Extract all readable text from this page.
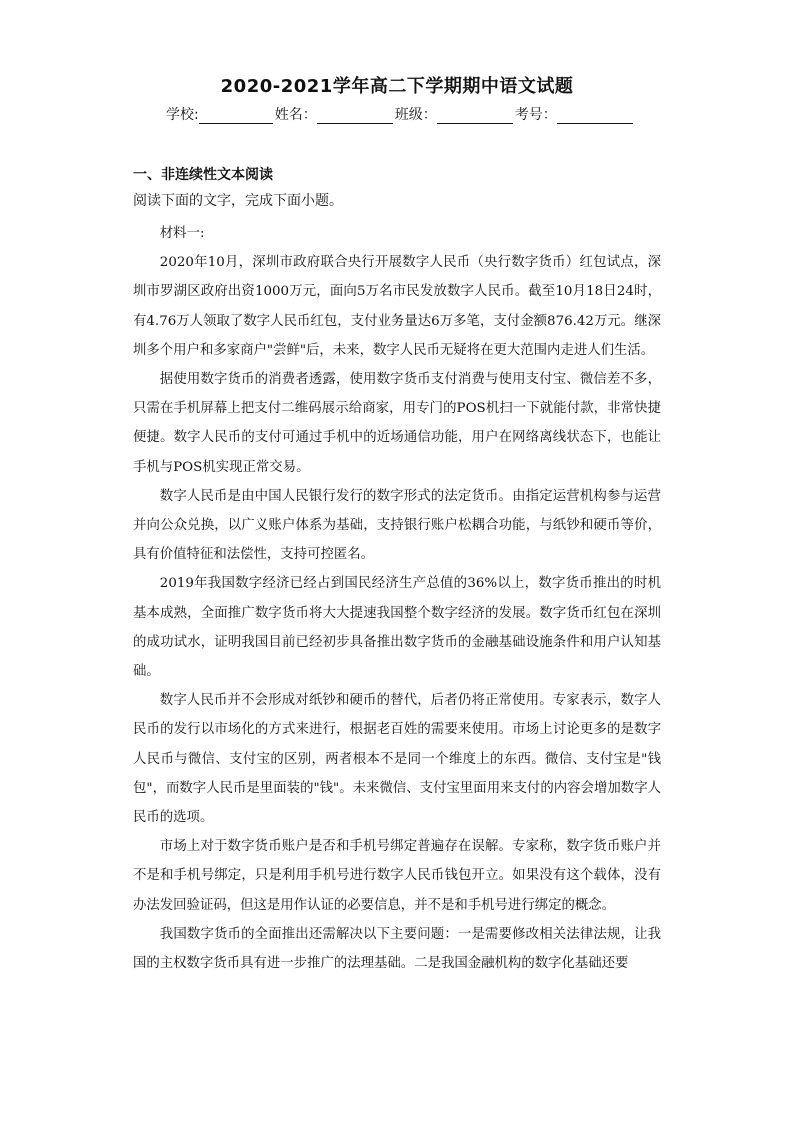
2020-2021学年高二下学期期中语文试题
学校:	姓名：	班级：	考号：
一、非连续性文本阅读
阅读下面的文字，完成下面小题。

材料一:

2020年10月，深圳市政府联合央行开展数字人民币（央行数字货币）红包试点，深圳市罗湖区政府出资1000万元，面向5万名市民发放数字人民币。截至10月18日24时，有4.76万人领取了数字人民币红包，支付业务量达6万多笔，支付金额876.42万元。继深圳多个用户和多家商户"尝鲜"后，未来，数字人民币无疑将在更大范围内走进人们生活。

据使用数字货币的消费者透露，使用数字货币支付消费与使用支付宝、微信差不多，只需在手机屏幕上把支付二维码展示给商家，用专门的POS机扫一下就能付款，非常快捷便捷。数字人民币的支付可通过手机中的近场通信功能，用户在网络离线状态下，也能让手机与POS机实现正常交易。

数字人民币是由中国人民银行发行的数字形式的法定货币。由指定运营机构参与运营并向公众兑换，以广义账户体系为基础，支持银行账户松耦合功能，与纸钞和硬币等价，具有价值特征和法偿性，支持可控匿名。

2019年我国数字经济已经占到国民经济生产总值的36%以上，数字货币推出的时机基本成熟，全面推广数字货币将大大提速我国整个数字经济的发展。数字货币红包在深圳的成功试水，证明我国目前已经初步具备推出数字货币的金融基础设施条件和用户认知基础。

数字人民币并不会形成对纸钞和硬币的替代，后者仍将正常使用。专家表示，数字人民币的发行以市场化的方式来进行，根据老百姓的需要来使用。市场上讨论更多的是数字人民币与微信、支付宝的区别，两者根本不是同一个维度上的东西。微信、支付宝是"钱包"，而数字人民币是里面装的"钱"。未来微信、支付宝里面用来支付的内容会增加数字人民币的选项。

市场上对于数字货币账户是否和手机号绑定普遍存在误解。专家称，数字货币账户并不是和手机号绑定，只是利用手机号进行数字人民币钱包开立。如果没有这个载体，没有办法发回验证码，但这是用作认证的必要信息，并不是和手机号进行绑定的概念。

我国数字货币的全面推出还需解决以下主要问题：一是需要修改相关法律法规，让我国的主权数字货币具有进一步推广的法理基础。二是我国金融机构的数字化基础还要
